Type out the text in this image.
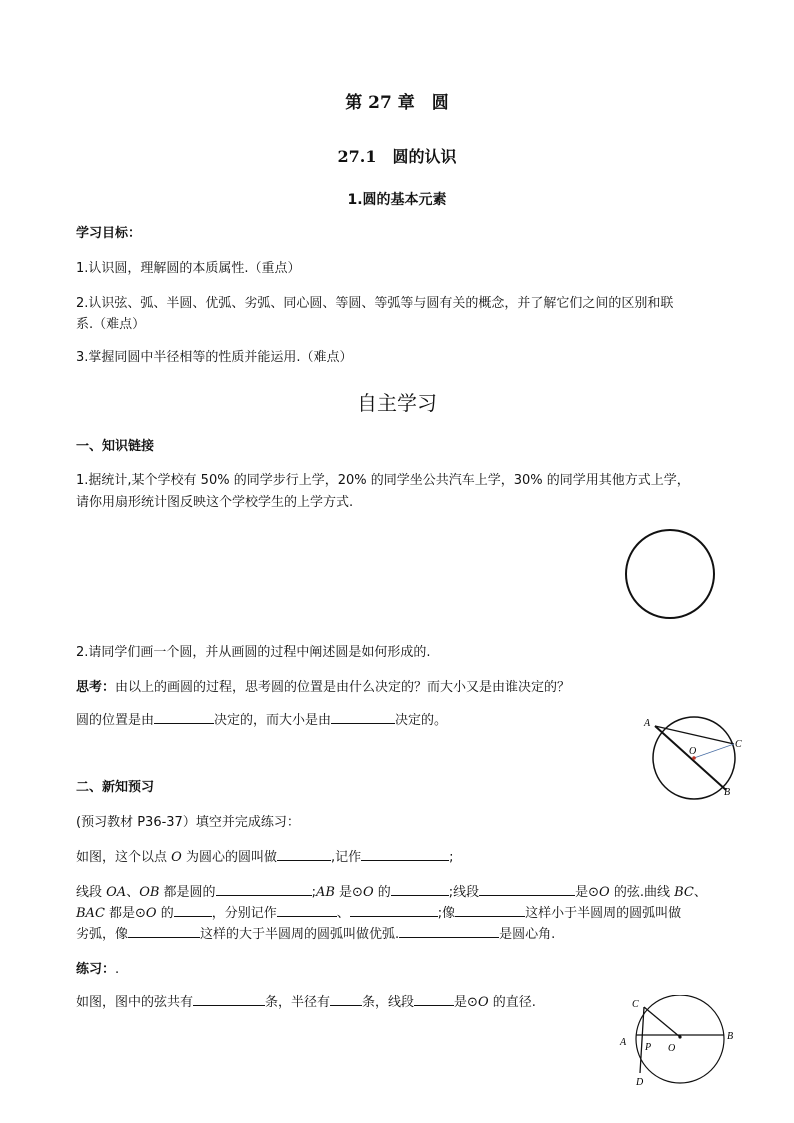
第 27 章　圆
27.1　圆的认识
1.圆的基本元素
学习目标：
1.认识圆，理解圆的本质属性.（重点）
2.认识弦、弧、半圆、优弧、劣弧、同心圆、等圆、等弧等与圆有关的概念，并了解它们之间的区别和联
系.（难点）
3.掌握同圆中半径相等的性质并能运用.（难点）
自主学习
一、知识链接
1.据统计,某个学校有 50% 的同学步行上学，20% 的同学坐公共汽车上学，30% 的同学用其他方式上学，
请你用扇形统计图反映这个学校学生的上学方式.
2.请同学们画一个圆，并从画圆的过程中阐述圆是如何形成的.
思考：由以上的画圆的过程，思考圆的位置是由什么决定的？而大小又是由谁决定的？
圆的位置是由	决定的，而大小是由	决定的。	A
O
C
B
二、新知预习
(预习教材 P36-37）填空并完成练习：
如图，这个以点 O 为圆心的圆叫做	,记作	;
线段 OA、OB 都是圆的	;AB 是⊙O 的	;线段	是⊙O 的弦.曲线 BC、
BAC 都是⊙O 的	，分别记作	、	;像	这样小于半圆周的圆弧叫做
劣弧，像	这样的大于半圆周的圆弧叫做优弧.	是圆心角.
练习：.
如图，图中的弦共有	条，半径有 条，线段	是⊙O 的直径.	C
A P O
B
D
